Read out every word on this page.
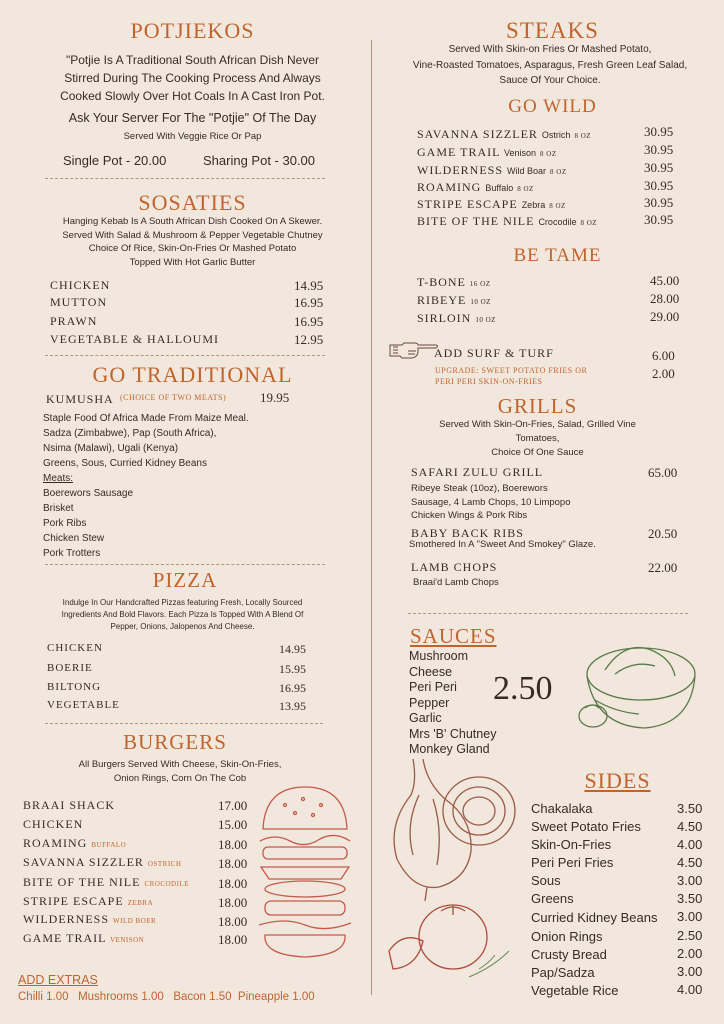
POTJIEKOS
"Potjie Is A Traditional South African Dish Never
Stirred During The Cooking Process And Always
Cooked Slowly Over Hot Coals In A Cast Iron Pot.
Ask Your Server For The "Potjie" Of The Day
Served With Veggie Rice Or Pap
Single Pot - 20.00	Sharing Pot - 30.00
SOSATIES
Hanging Kebab Is A South African Dish Cooked On A Skewer.
Served With Salad & Mushroom & Pepper Vegetable Chutney
Choice Of Rice, Skin-On-Fries Or Mashed Potato
Topped With Hot Garlic Butter
CHICKEN	14.95
MUTTON	16.95
PRAWN	16.95
VEGETABLE & HALLOUMI	12.95
GO TRADITIONAL
KUMUSHA (CHOICE OF TWO MEATS)	19.95
Staple Food Of Africa Made From Maize Meal.
Sadza (Zimbabwe), Pap (South Africa),
Nsima (Malawi), Ugali (Kenya)
Greens, Sous, Curried Kidney Beans
Meats:
Boerewors Sausage
Brisket
Pork Ribs
Chicken Stew
Pork Trotters
PIZZA
Indulge In Our Handcrafted Pizzas featuring Fresh, Locally Sourced
Ingredients And Bold Flavors. Each Pizza Is Topped With A Blend Of
Pepper, Onions, Jalopenos And Cheese.
CHICKEN	14.95
BOERIE	15.95
BILTONG	16.95
VEGETABLE	13.95
BURGERS
All Burgers Served With Cheese, Skin-On-Fries,
Onion Rings, Corn On The Cob
BRAAI SHACK	17.00
CHICKEN	15.00
ROAMING BUFFALO	18.00
SAVANNA SIZZLER OSTRICH	18.00
BITE OF THE NILE CROCODILE 18.00
STRIPE ESCAPE ZEBRA	18.00
WILDERNESS WILD BOER	18.00
GAME TRAIL VENISON	18.00
ADD EXTRAS
Chilli 1.00   Mushrooms 1.00   Bacon 1.50  Pineapple 1.00
STEAKS
Served With Skin-on Fries Or Mashed Potato,
Vine-Roasted Tomatoes, Asparagus, Fresh Green Leaf Salad,
Sauce Of Your Choice.
GO WILD
SAVANNA SIZZLER Ostrich 8 OZ	30.95
GAME TRAIL Venison 8 OZ	30.95
WILDERNESS Wild Boar 8 OZ	30.95
ROAMING Buffalo 8 OZ	30.95
STRIPE ESCAPE Zebra 8 OZ	30.95
BITE OF THE NILE Crocodile 8 OZ	30.95
BE TAME
T-BONE 16 OZ	45.00
RIBEYE 10 OZ	28.00
SIRLOIN 10 OZ	29.00
ADD SURF & TURF	6.00
UPGRADE: SWEET POTATO FRIES OR
PERI PERI SKIN-ON-FRIES
2.00
GRILLS
Served With Skin-On-Fries, Salad, Grilled Vine
Tomatoes,
Choice Of One Sauce
SAFARI ZULU GRILL	65.00
Ribeye Steak (10oz), Boerewors
Sausage, 4 Lamb Chops, 10 Limpopo
Chicken Wings & Pork Ribs
BABY BACK RIBS	20.50
Smothered In A "Sweet And Smokey" Glaze.
LAMB CHOPS	22.00
Braai'd Lamb Chops
SAUCES
Mushroom
Cheese
Peri Peri
Pepper
Garlic
Mrs 'B' Chutney
Monkey Gland
2.50
SIDES
Chakalaka	3.50
Sweet Potato Fries	4.50
Skin-On-Fries	4.00
Peri Peri Fries	4.50
Sous	3.00
Greens	3.50
Curried Kidney Beans 3.00
Onion Rings	2.50
Crusty Bread	2.00
Pap/Sadza	3.00
Vegetable Rice	4.00
